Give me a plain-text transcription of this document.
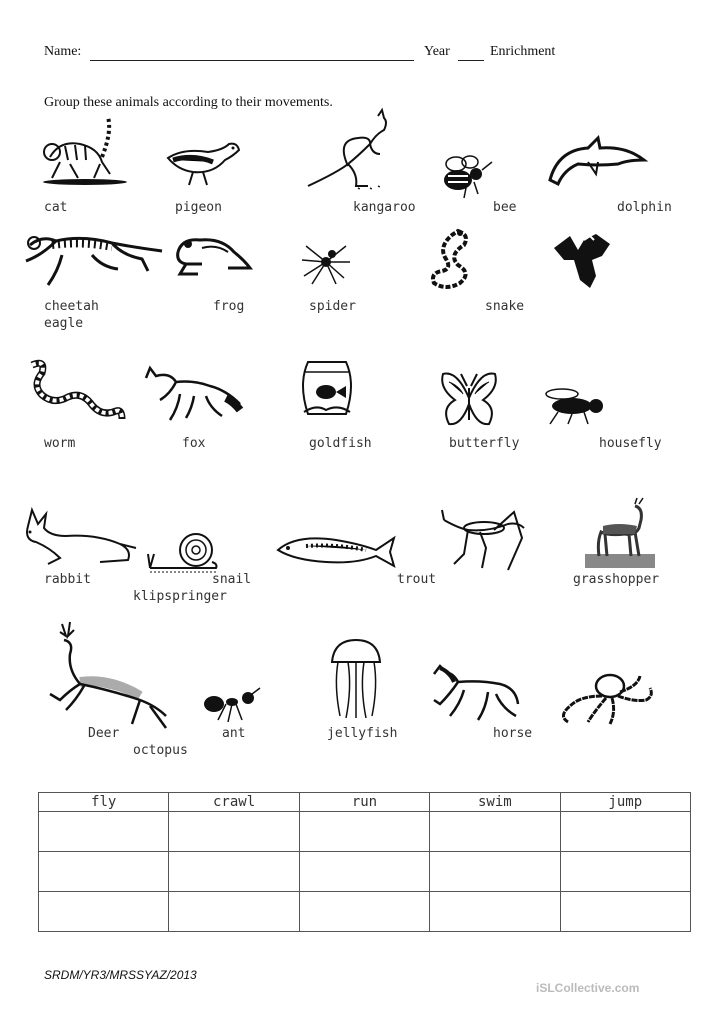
Name:	Year	Enrichment
Group these animals according to their movements.
cat	pigeon	kangaroo	bee	dolphin
cheetah
eagle
frog	spider	snake
worm	fox	goldfish	butterfly	housefly
rabbit	snail
klipspringer
trout	grasshopper
Deer
octopus
ant	jellyfish	horse
fly	crawl	run	swim	jump

SRDM/YR3/MRSSYAZ/2013
iSLCollective.com
